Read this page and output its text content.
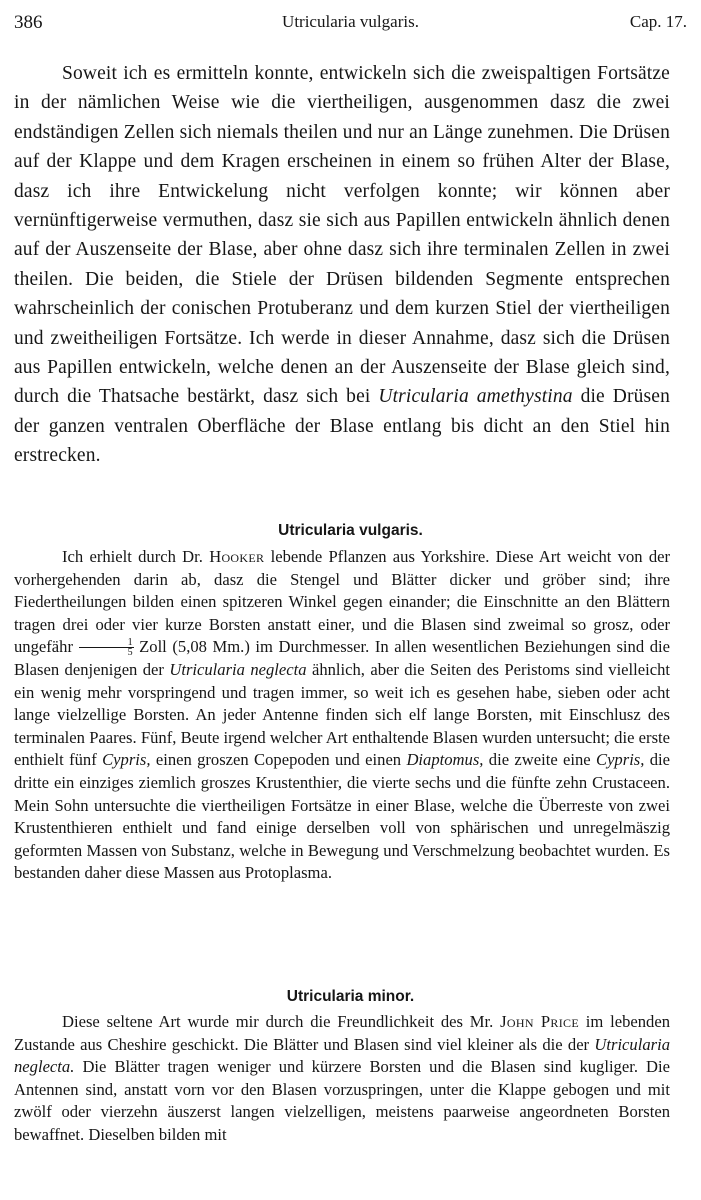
386	Utricularia vulgaris.	Cap. 17.

Soweit ich es ermitteln konnte, entwickeln sich die zweispaltigen Fortsätze in der nämlichen Weise wie die viertheiligen, ausgenommen dasz die zwei endständigen Zellen sich niemals theilen und nur an Länge zunehmen. Die Drüsen auf der Klappe und dem Kragen erscheinen in einem so frühen Alter der Blase, dasz ich ihre Entwickelung nicht verfolgen konnte; wir können aber vernünftigerweise vermuthen, dasz sie sich aus Papillen entwickeln ähnlich denen auf der Auszenseite der Blase, aber ohne dasz sich ihre terminalen Zellen in zwei theilen. Die beiden, die Stiele der Drüsen bildenden Segmente entsprechen wahrscheinlich der conischen Protuberanz und dem kurzen Stiel der viertheiligen und zweitheiligen Fortsätze. Ich werde in dieser Annahme, dasz sich die Drüsen aus Papillen entwickeln, welche denen an der Auszenseite der Blase gleich sind, durch die Thatsache bestärkt, dasz sich bei Utricularia amethystina die Drüsen der ganzen ventralen Oberfläche der Blase entlang bis dicht an den Stiel hin erstrecken.

Utricularia vulgaris.

Ich erhielt durch Dr. Hooker lebende Pflanzen aus Yorkshire. Diese Art weicht von der vorhergehenden darin ab, dasz die Stengel und Blätter dicker und gröber sind; ihre Fiedertheilungen bilden einen spitzeren Winkel gegen einander; die Einschnitte an den Blättern tragen drei oder vier kurze Borsten anstatt einer, und die Blasen sind zweimal so grosz, oder ungefähr $\frac{1}{5}$ Zoll (5,08 Mm.) im Durchmesser. In allen wesentlichen Beziehungen sind die Blasen denjenigen der Utricularia neglecta ähnlich, aber die Seiten des Peristoms sind vielleicht ein wenig mehr vorspringend und tragen immer, so weit ich es gesehen habe, sieben oder acht lange vielzellige Borsten. An jeder Antenne finden sich elf lange Borsten, mit Einschlusz des terminalen Paares. Fünf, Beute irgend welcher Art enthaltende Blasen wurden untersucht; die erste enthielt fünf Cypris, einen groszen Copepoden und einen Diaptomus, die zweite eine Cypris, die dritte ein einziges ziemlich groszes Krustenthier, die vierte sechs und die fünfte zehn Crustaceen. Mein Sohn untersuchte die viertheiligen Fortsätze in einer Blase, welche die Überreste von zwei Krustenthieren enthielt und fand einige derselben voll von sphärischen und unregelmäszig geformten Massen von Substanz, welche in Bewegung und Verschmelzung beobachtet wurden. Es bestanden daher diese Massen aus Protoplasma.

Utricularia minor.

Diese seltene Art wurde mir durch die Freundlichkeit des Mr. John Price im lebenden Zustande aus Cheshire geschickt. Die Blätter und Blasen sind viel kleiner als die der Utricularia neglecta. Die Blätter tragen weniger und kürzere Borsten und die Blasen sind kugliger. Die Antennen sind, anstatt vorn vor den Blasen vorzuspringen, unter die Klappe gebogen und mit zwölf oder vierzehn äuszerst langen vielzelligen, meistens paarweise angeordneten Borsten bewaffnet. Dieselben bilden mit
